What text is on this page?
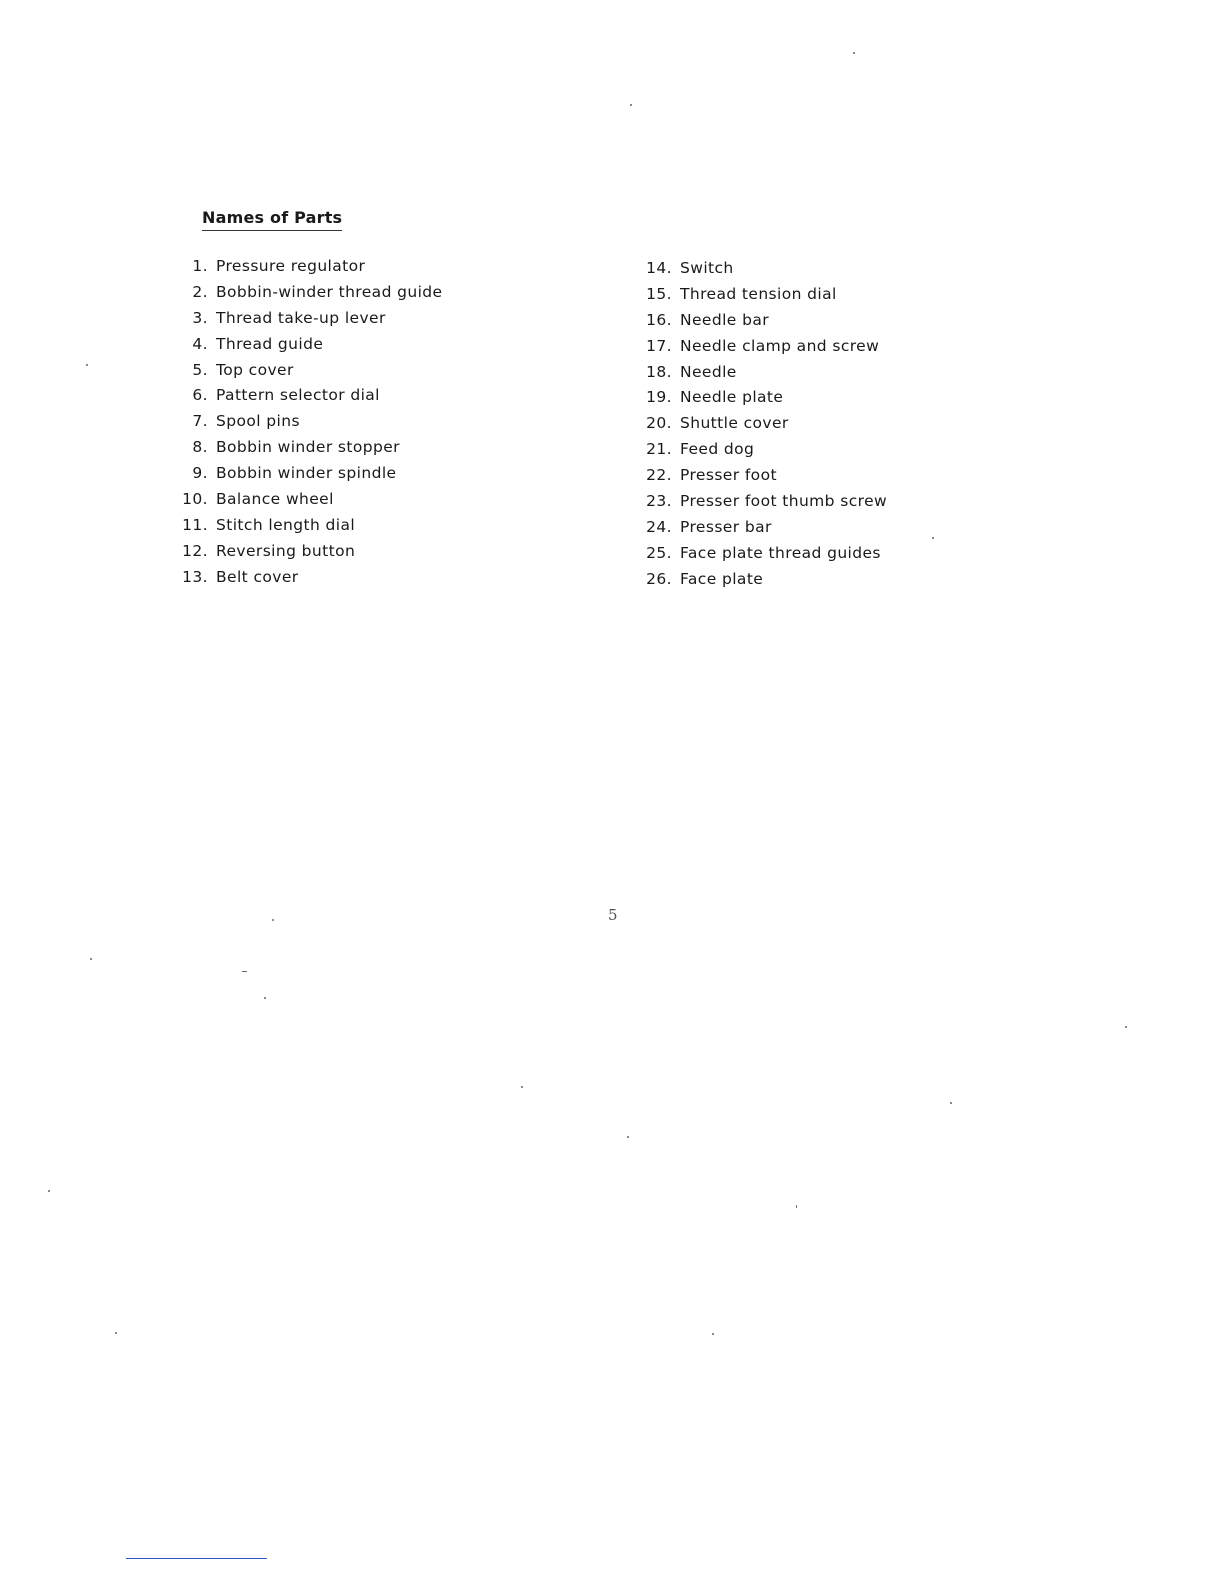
Names of Parts
1. Pressure regulator
2. Bobbin-winder thread guide
3. Thread take-up lever
4. Thread guide
5. Top cover
6. Pattern selector dial
7. Spool pins
8. Bobbin winder stopper
9. Bobbin winder spindle
10. Balance wheel
11. Stitch length dial
12. Reversing button
13. Belt cover
14. Switch
15. Thread tension dial
16. Needle bar
17. Needle clamp and screw
18. Needle
19. Needle plate
20. Shuttle cover
21. Feed dog
22. Presser foot
23. Presser foot thumb screw
24. Presser bar
25. Face plate thread guides
26. Face plate
5
